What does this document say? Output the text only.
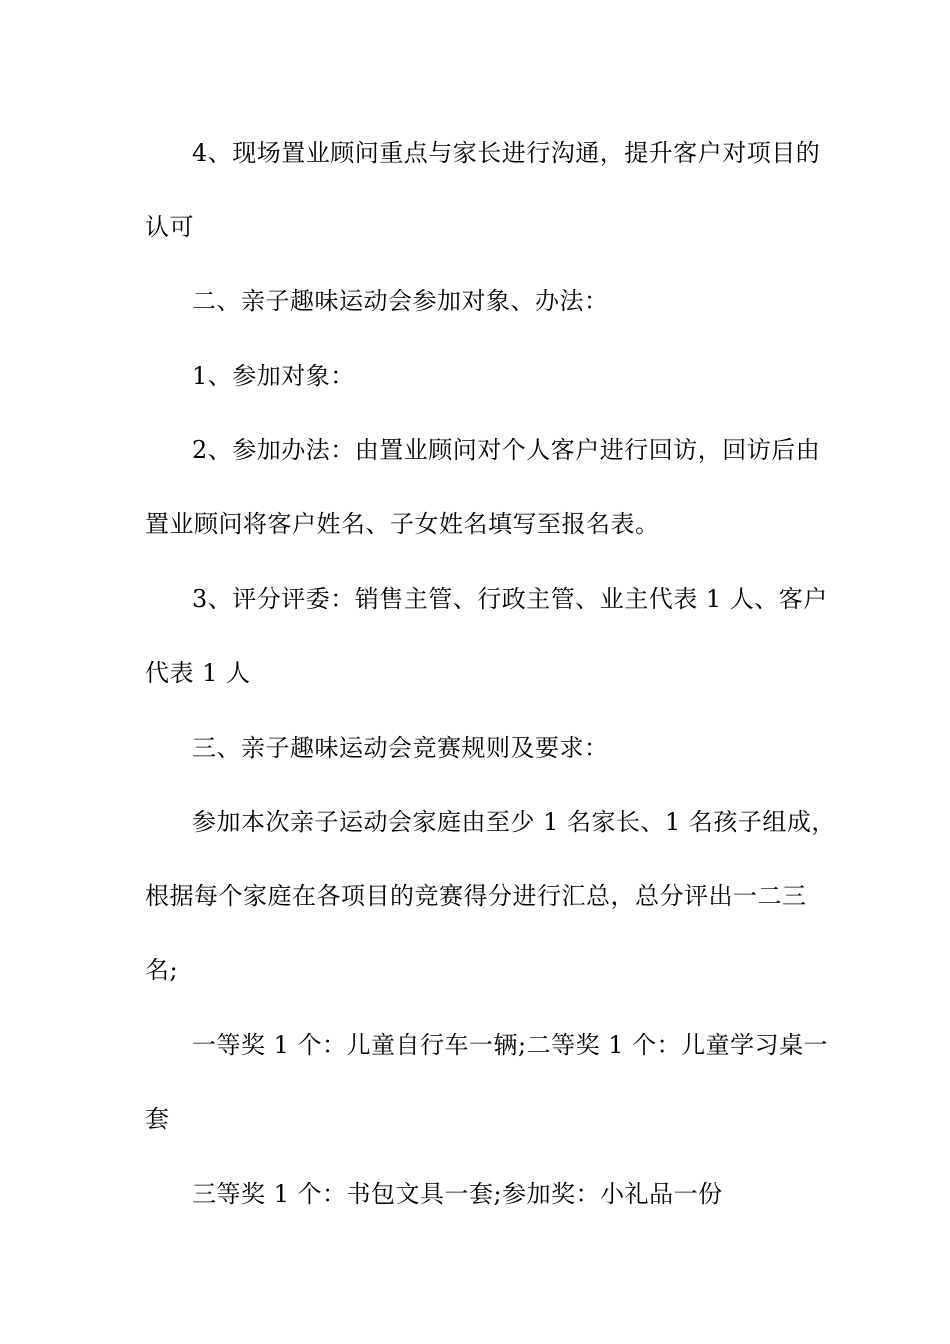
4、现场置业顾问重点与家长进行沟通，提升客户对项目的
认可
二、亲子趣味运动会参加对象、办法：
1、参加对象：
2、参加办法：由置业顾问对个人客户进行回访，回访后由
置业顾问将客户姓名、子女姓名填写至报名表。
3、评分评委：销售主管、行政主管、业主代表 1 人、客户
代表 1 人
三、亲子趣味运动会竞赛规则及要求：
参加本次亲子运动会家庭由至少 1 名家长、1 名孩子组成，
根据每个家庭在各项目的竞赛得分进行汇总，总分评出一二三
名;
一等奖 1 个：儿童自行车一辆;二等奖 1 个：儿童学习桌一
套
三等奖 1 个：书包文具一套;参加奖：小礼品一份
